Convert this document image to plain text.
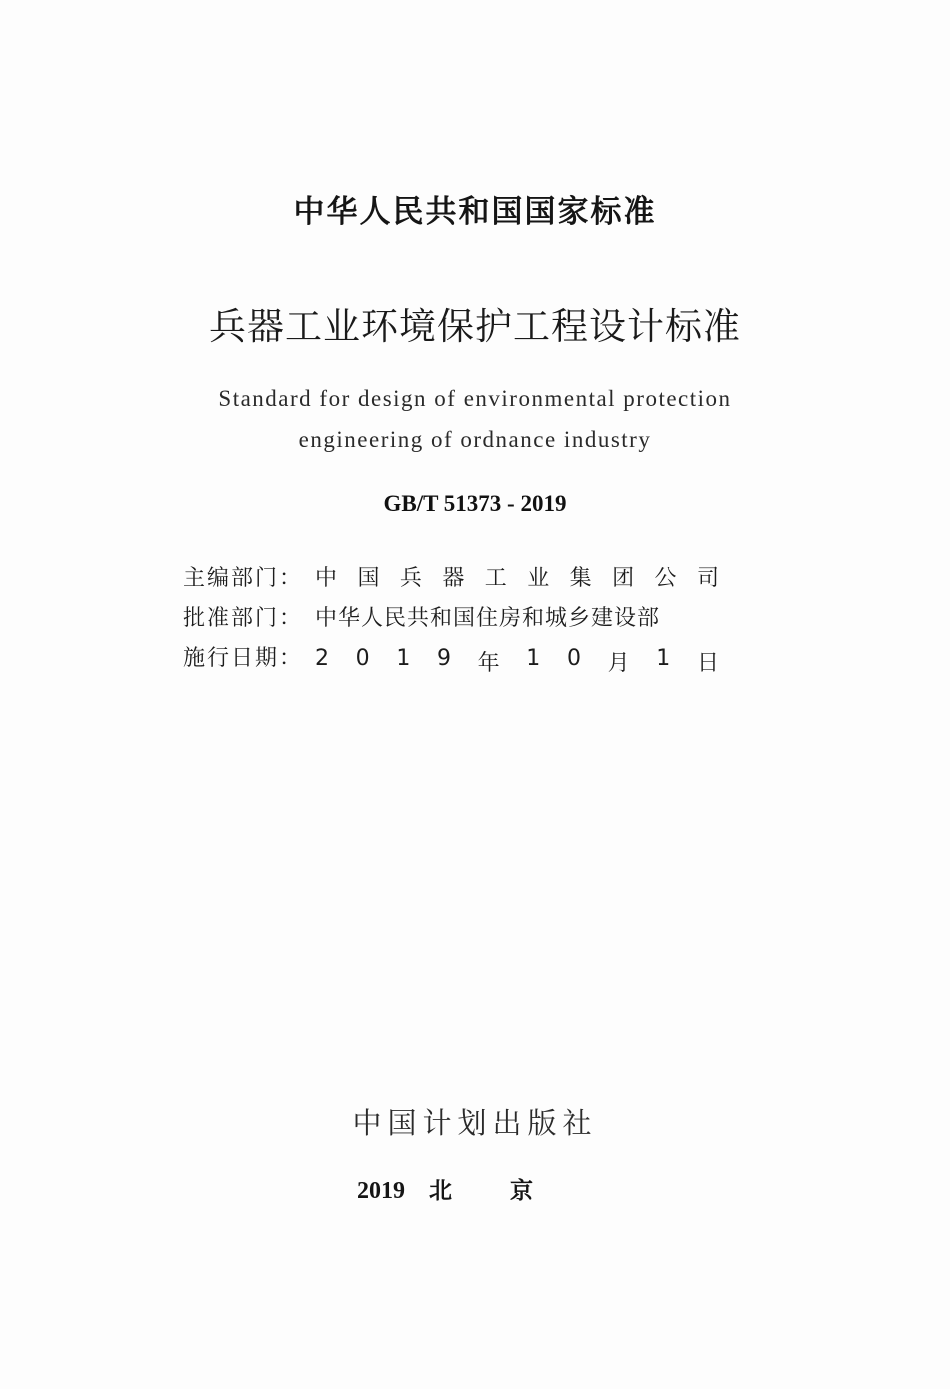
中华人民共和国国家标准
兵器工业环境保护工程设计标准
Standard for design of environmental protection
engineering of ordnance industry
GB/T 51373 - 2019
主编部门： 中 国 兵 器 工 业 集 团 公 司
批准部门： 中华人民共和国住房和城乡建设部
施行日期： 2 0 1 9 年 1 0 月 1 日
中国计划出版社
2019 北京
